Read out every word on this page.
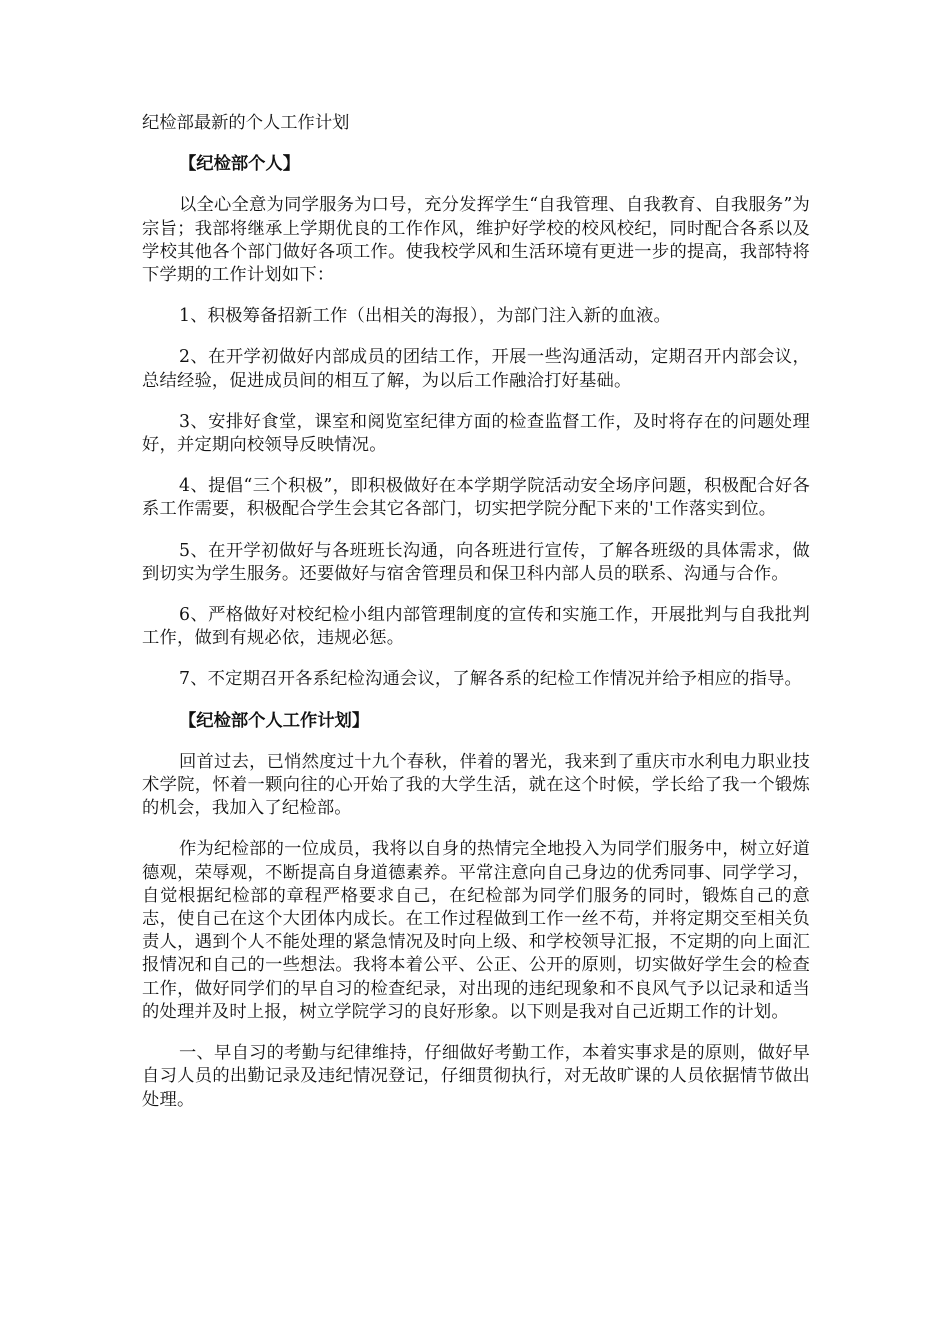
纪检部最新的个人工作计划
【纪检部个人】

以全心全意为同学服务为口号，充分发挥学生“自我管理、自我教育、自我服务”为宗旨；我部将继承上学期优良的工作作风，维护好学校的校风校纪，同时配合各系以及学校其他各个部门做好各项工作。使我校学风和生活环境有更进一步的提高，我部特将下学期的工作计划如下：

1、积极筹备招新工作（出相关的海报），为部门注入新的血液。

2、在开学初做好内部成员的团结工作，开展一些沟通活动，定期召开内部会议，总结经验，促进成员间的相互了解，为以后工作融洽打好基础。

3、安排好食堂，课室和阅览室纪律方面的检查监督工作，及时将存在的问题处理好，并定期向校领导反映情况。

4、提倡“三个积极”，即积极做好在本学期学院活动安全场序问题，积极配合好各系工作需要，积极配合学生会其它各部门，切实把学院分配下来的'工作落实到位。

5、在开学初做好与各班班长沟通，向各班进行宣传，了解各班级的具体需求，做到切实为学生服务。还要做好与宿舍管理员和保卫科内部人员的联系、沟通与合作。

6、严格做好对校纪检小组内部管理制度的宣传和实施工作，开展批判与自我批判工作，做到有规必依，违规必惩。

7、不定期召开各系纪检沟通会议，了解各系的纪检工作情况并给予相应的指导。

【纪检部个人工作计划】

回首过去，已悄然度过十九个春秋，伴着的署光，我来到了重庆市水利电力职业技术学院，怀着一颗向往的心开始了我的大学生活，就在这个时候，学长给了我一个锻炼的机会，我加入了纪检部。

作为纪检部的一位成员，我将以自身的热情完全地投入为同学们服务中，树立好道德观，荣辱观，不断提高自身道德素养。平常注意向自己身边的优秀同事、同学学习，自觉根据纪检部的章程严格要求自己，在纪检部为同学们服务的同时，锻炼自己的意志，使自己在这个大团体内成长。在工作过程做到工作一丝不苟，并将定期交至相关负责人，遇到个人不能处理的紧急情况及时向上级、和学校领导汇报，不定期的向上面汇报情况和自己的一些想法。我将本着公平、公正、公开的原则，切实做好学生会的检查工作，做好同学们的早自习的检查纪录，对出现的违纪现象和不良风气予以记录和适当的处理并及时上报，树立学院学习的良好形象。以下则是我对自己近期工作的计划。

一、早自习的考勤与纪律维持，仔细做好考勤工作，本着实事求是的原则，做好早自习人员的出勤记录及违纪情况登记，仔细贯彻执行，对无故旷课的人员依据情节做出处理。
